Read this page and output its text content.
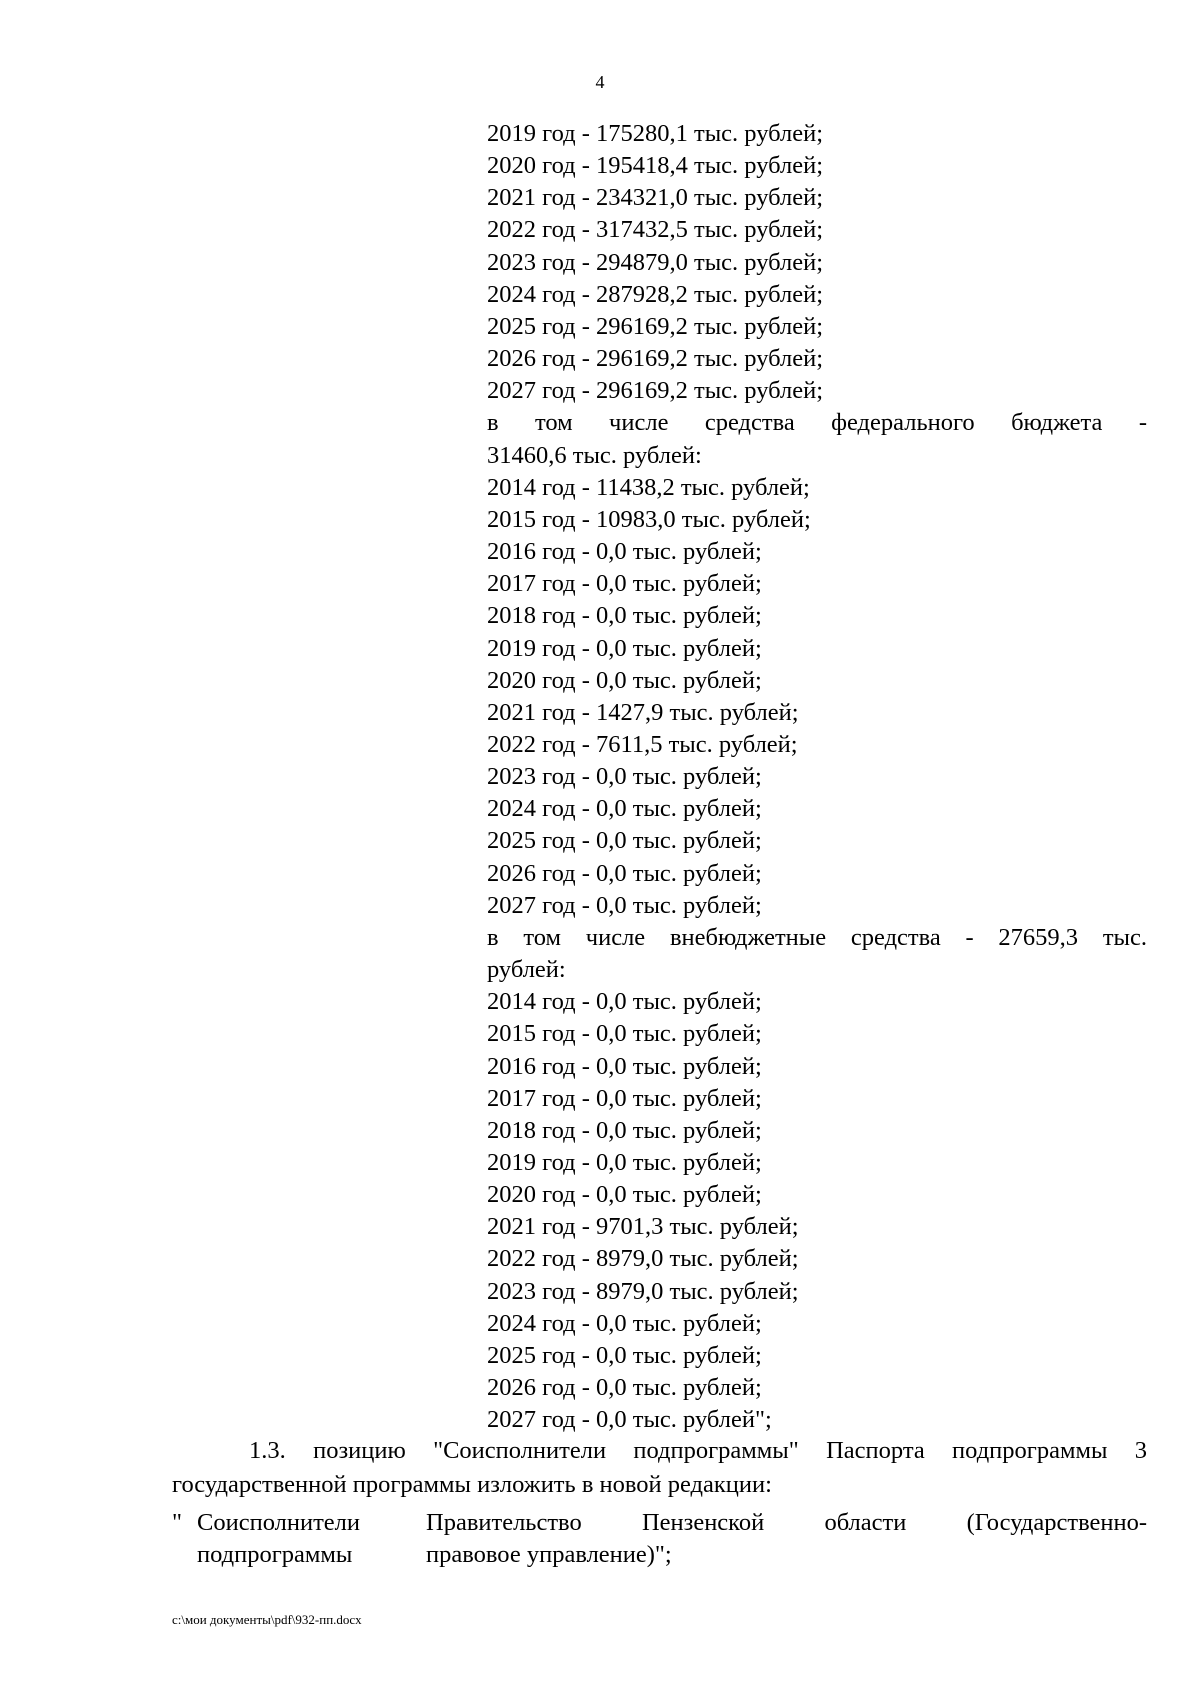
4
2019 год - 175280,1 тыс. рублей;
2020 год - 195418,4 тыс. рублей;
2021 год - 234321,0 тыс. рублей;
2022 год - 317432,5 тыс. рублей;
2023 год - 294879,0 тыс. рублей;
2024 год - 287928,2 тыс. рублей;
2025 год - 296169,2 тыс. рублей;
2026 год - 296169,2 тыс. рублей;
2027 год - 296169,2 тыс. рублей;
в том числе средства федерального бюджета -
31460,6 тыс. рублей:
2014 год - 11438,2 тыс. рублей;
2015 год - 10983,0 тыс. рублей;
2016 год - 0,0 тыс. рублей;
2017 год - 0,0 тыс. рублей;
2018 год - 0,0 тыс. рублей;
2019 год - 0,0 тыс. рублей;
2020 год - 0,0 тыс. рублей;
2021 год - 1427,9 тыс. рублей;
2022 год - 7611,5 тыс. рублей;
2023 год - 0,0 тыс. рублей;
2024 год - 0,0 тыс. рублей;
2025 год - 0,0 тыс. рублей;
2026 год - 0,0 тыс. рублей;
2027 год - 0,0 тыс. рублей;
в том числе внебюджетные средства - 27659,3 тыс.
рублей:
2014 год - 0,0 тыс. рублей;
2015 год - 0,0 тыс. рублей;
2016 год - 0,0 тыс. рублей;
2017 год - 0,0 тыс. рублей;
2018 год - 0,0 тыс. рублей;
2019 год - 0,0 тыс. рублей;
2020 год - 0,0 тыс. рублей;
2021 год - 9701,3 тыс. рублей;
2022 год - 8979,0 тыс. рублей;
2023 год - 8979,0 тыс. рублей;
2024 год - 0,0 тыс. рублей;
2025 год - 0,0 тыс. рублей;
2026 год - 0,0 тыс. рублей;
2027 год - 0,0 тыс. рублей";
1.3. позицию "Соисполнители подпрограммы" Паспорта подпрограммы 3
государственной программы изложить в новой редакции:
" Соисполнители
подпрограммы
Правительство Пензенской области (Государственно-
правовое управление)";
c:\мои документы\pdf\932-пп.docx
